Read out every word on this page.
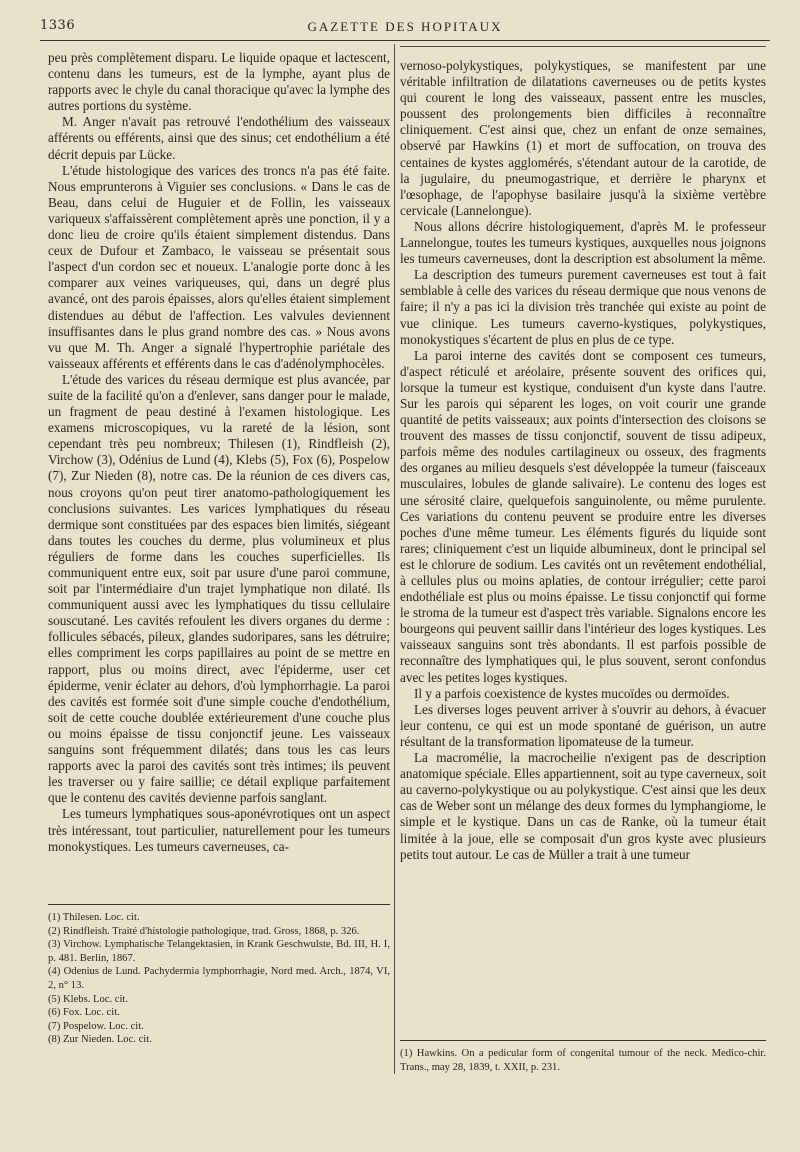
1336	GAZETTE DES HOPITAUX

peu près complètement disparu. Le liquide opaque et lactescent, contenu dans les tumeurs, est de la lymphe, ayant plus de rapports avec le chyle du canal thoracique qu'avec la lymphe des autres portions du système.

M. Anger n'avait pas retrouvé l'endothélium des vaisseaux afférents ou efférents, ainsi que des sinus; cet endothélium a été décrit depuis par Lücke.

L'étude histologique des varices des troncs n'a pas été faite. Nous emprunterons à Viguier ses conclusions. « Dans le cas de Beau, dans celui de Huguier et de Follin, les vaisseaux variqueux s'affaissèrent complètement après une ponction, il y a donc lieu de croire qu'ils étaient simplement distendus. Dans ceux de Dufour et Zambaco, le vaisseau se présentait sous l'aspect d'un cordon sec et noueux. L'analogie porte donc à les comparer aux veines variqueuses, qui, dans un degré plus avancé, ont des parois épaisses, alors qu'elles étaient simplement distendues au début de l'affection. Les valvules deviennent insuffisantes dans le plus grand nombre des cas. » Nous avons vu que M. Th. Anger a signalé l'hypertrophie pariétale des vaisseaux afférents et efférents dans le cas d'adénolymphocèles.

L'étude des varices du réseau dermique est plus avancée, par suite de la facilité qu'on a d'enlever, sans danger pour le malade, un fragment de peau destiné à l'examen histologique. Les examens microscopiques, vu la rareté de la lésion, sont cependant très peu nombreux; Thilesen (1), Rindfleish (2), Virchow (3), Odénius de Lund (4), Klebs (5), Fox (6), Pospelow (7), Zur Nieden (8), notre cas. De la réunion de ces divers cas, nous croyons qu'on peut tirer anatomo-pathologiquement les conclusions suivantes. Les varices lymphatiques du réseau dermique sont constituées par des espaces bien limités, siégeant dans toutes les couches du derme, plus volumineux et plus réguliers de forme dans les couches superficielles. Ils communiquent entre eux, soit par usure d'une paroi commune, soit par l'intermédiaire d'un trajet lymphatique non dilaté. Ils communiquent aussi avec les lymphatiques du tissu cellulaire souscutané. Les cavités refoulent les divers organes du derme : follicules sébacés, pileux, glandes sudoripares, sans les détruire; elles compriment les corps papillaires au point de se mettre en rapport, plus ou moins direct, avec l'épiderme, user cet épiderme, venir éclater au dehors, d'où lymphorrhagie. La paroi des cavités est formée soit d'une simple couche d'endothélium, soit de cette couche doublée extérieurement d'une couche plus ou moins épaisse de tissu conjonctif jeune. Les vaisseaux sanguins sont fréquemment dilatés; dans tous les cas leurs rapports avec la paroi des cavités sont très intimes; ils peuvent les traverser ou y faire saillie; ce détail explique parfaitement que le contenu des cavités devienne parfois sanglant.

Les tumeurs lymphatiques sous-aponévrotiques ont un aspect très intéressant, tout particulier, naturellement pour les tumeurs monokystiques. Les tumeurs caverneuses, ca-

(1) Thilesen. Loc. cit.

(2) Rindfleish. Traité d'histologie pathologique, trad. Gross, 1868, p. 326.

(3) Virchow. Lymphatische Telangektasien, in Krank Geschwulste, Bd. III, H. I, p. 481. Berlin, 1867.

(4) Odenius de Lund. Pachydermia lymphorrhagie, Nord med. Arch., 1874, VI, 2, n° 13.

(5) Klebs. Loc. cit.

(6) Fox. Loc. cit.

(7) Pospelow. Loc. cit.

(8) Zur Nieden. Loc. cit.

vernoso-polykystiques, polykystiques, se manifestent par une véritable infiltration de dilatations caverneuses ou de petits kystes qui courent le long des vaisseaux, passent entre les muscles, poussent des prolongements bien difficiles à reconnaître cliniquement. C'est ainsi que, chez un enfant de onze semaines, observé par Hawkins (1) et mort de suffocation, on trouva des centaines de kystes agglomérés, s'étendant autour de la carotide, de la jugulaire, du pneumogastrique, et derrière le pharynx et l'œsophage, de l'apophyse basilaire jusqu'à la sixième vertèbre cervicale (Lannelongue).

Nous allons décrire histologiquement, d'après M. le professeur Lannelongue, toutes les tumeurs kystiques, auxquelles nous joignons les tumeurs caverneuses, dont la description est absolument la même.

La description des tumeurs purement caverneuses est tout à fait semblable à celle des varices du réseau dermique que nous venons de faire; il n'y a pas ici la division très tranchée qui existe au point de vue clinique. Les tumeurs caverno-kystiques, polykystiques, monokystiques s'écartent de plus en plus de ce type.

La paroi interne des cavités dont se composent ces tumeurs, d'aspect réticulé et aréolaire, présente souvent des orifices qui, lorsque la tumeur est kystique, conduisent d'un kyste dans l'autre. Sur les parois qui séparent les loges, on voit courir une grande quantité de petits vaisseaux; aux points d'intersection des cloisons se trouvent des masses de tissu conjonctif, souvent de tissu adipeux, parfois même des nodules cartilagineux ou osseux, des fragments des organes au milieu desquels s'est développée la tumeur (faisceaux musculaires, lobules de glande salivaire). Le contenu des loges est une sérosité claire, quelquefois sanguinolente, ou même purulente. Ces variations du contenu peuvent se produire entre les diverses poches d'une même tumeur. Les éléments figurés du liquide sont rares; cliniquement c'est un liquide albumineux, dont le principal sel est le chlorure de sodium. Les cavités ont un revêtement endothélial, à cellules plus ou moins aplaties, de contour irrégulier; cette paroi endothéliale est plus ou moins épaisse. Le tissu conjonctif qui forme le stroma de la tumeur est d'aspect très variable. Signalons encore les bourgeons qui peuvent saillir dans l'intérieur des loges kystiques. Les vaisseaux sanguins sont très abondants. Il est parfois possible de reconnaître des lymphatiques qui, le plus souvent, seront confondus avec les petites loges kystiques.

Il y a parfois coexistence de kystes mucoïdes ou dermoïdes.

Les diverses loges peuvent arriver à s'ouvrir au dehors, à évacuer leur contenu, ce qui est un mode spontané de guérison, un autre résultant de la transformation lipomateuse de la tumeur.

La macromélie, la macrocheilie n'exigent pas de description anatomique spéciale. Elles appartiennent, soit au type caverneux, soit au caverno-polykystique ou au polykystique. C'est ainsi que les deux cas de Weber sont un mélange des deux formes du lymphangiome, le simple et le kystique. Dans un cas de Ranke, où la tumeur était limitée à la joue, elle se composait d'un gros kyste avec plusieurs petits tout autour. Le cas de Müller a trait à une tumeur

(1) Hawkins. On a pedicular form of congenital tumour of the neck. Medico-chir. Trans., may 28, 1839, t. XXII, p. 231.
